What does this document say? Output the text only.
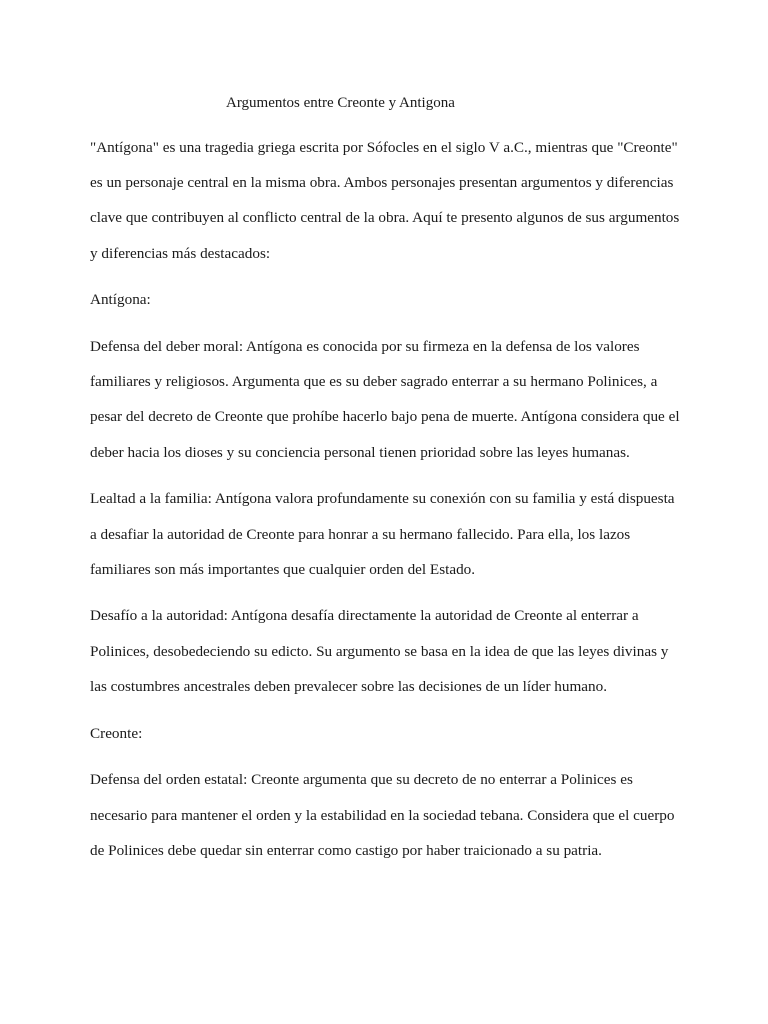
Argumentos entre Creonte y Antigona
"Antígona" es una tragedia griega escrita por Sófocles en el siglo V a.C., mientras que "Creonte"
es un personaje central en la misma obra. Ambos personajes presentan argumentos y diferencias
clave que contribuyen al conflicto central de la obra. Aquí te presento algunos de sus argumentos
y diferencias más destacados:
Antígona:
Defensa del deber moral: Antígona es conocida por su firmeza en la defensa de los valores
familiares y religiosos. Argumenta que es su deber sagrado enterrar a su hermano Polinices, a
pesar del decreto de Creonte que prohíbe hacerlo bajo pena de muerte. Antígona considera que el
deber hacia los dioses y su conciencia personal tienen prioridad sobre las leyes humanas.
Lealtad a la familia: Antígona valora profundamente su conexión con su familia y está dispuesta
a desafiar la autoridad de Creonte para honrar a su hermano fallecido. Para ella, los lazos
familiares son más importantes que cualquier orden del Estado.
Desafío a la autoridad: Antígona desafía directamente la autoridad de Creonte al enterrar a
Polinices, desobedeciendo su edicto. Su argumento se basa en la idea de que las leyes divinas y
las costumbres ancestrales deben prevalecer sobre las decisiones de un líder humano.
Creonte:
Defensa del orden estatal: Creonte argumenta que su decreto de no enterrar a Polinices es
necesario para mantener el orden y la estabilidad en la sociedad tebana. Considera que el cuerpo
de Polinices debe quedar sin enterrar como castigo por haber traicionado a su patria.
